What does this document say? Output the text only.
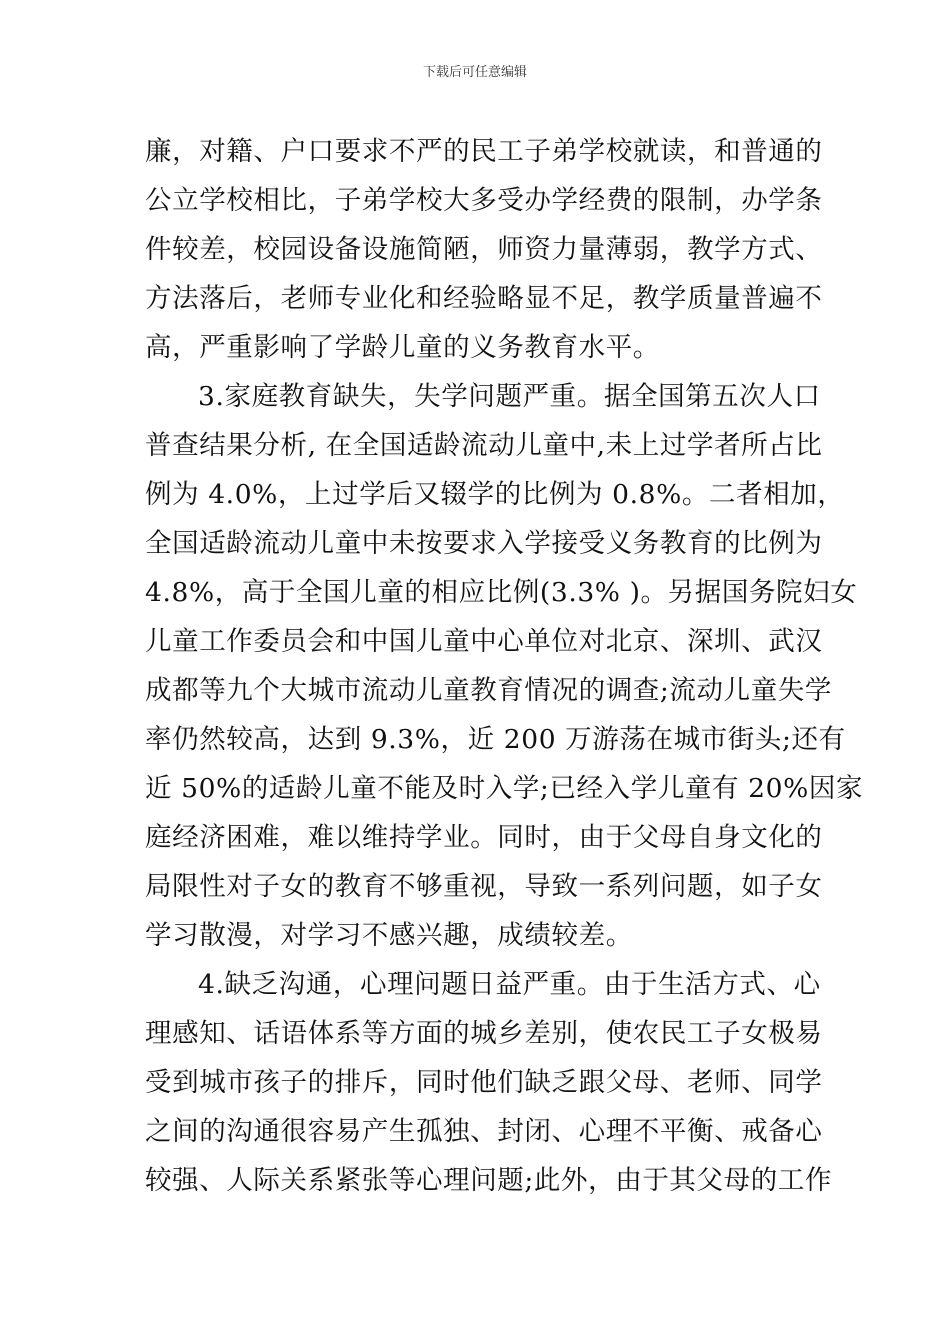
下载后可任意编辑
廉，对籍、户口要求不严的民工子弟学校就读，和普通的
公立学校相比，子弟学校大多受办学经费的限制，办学条
件较差，校园设备设施简陋，师资力量薄弱，教学方式、
方法落后，老师专业化和经验略显不足，教学质量普遍不
高，严重影响了学龄儿童的义务教育水平。
3.家庭教育缺失，失学问题严重。据全国第五次人口
普查结果分析, 在全国适龄流动儿童中,未上过学者所占比
例为 4.0%，上过学后又辍学的比例为 0.8%。二者相加，
全国适龄流动儿童中未按要求入学接受义务教育的比例为
4.8%，高于全国儿童的相应比例(3.3% )。另据国务院妇女
儿童工作委员会和中国儿童中心单位对北京、深圳、武汉
成都等九个大城市流动儿童教育情况的调查;流动儿童失学
率仍然较高，达到 9.3%，近 200 万游荡在城市街头;还有
近 50%的适龄儿童不能及时入学;已经入学儿童有 20%因家
庭经济困难，难以维持学业。同时，由于父母自身文化的
局限性对子女的教育不够重视，导致一系列问题，如子女
学习散漫，对学习不感兴趣，成绩较差。
4.缺乏沟通，心理问题日益严重。由于生活方式、心
理感知、话语体系等方面的城乡差别，使农民工子女极易
受到城市孩子的排斥，同时他们缺乏跟父母、老师、同学
之间的沟通很容易产生孤独、封闭、心理不平衡、戒备心
较强、人际关系紧张等心理问题;此外，由于其父母的工作
